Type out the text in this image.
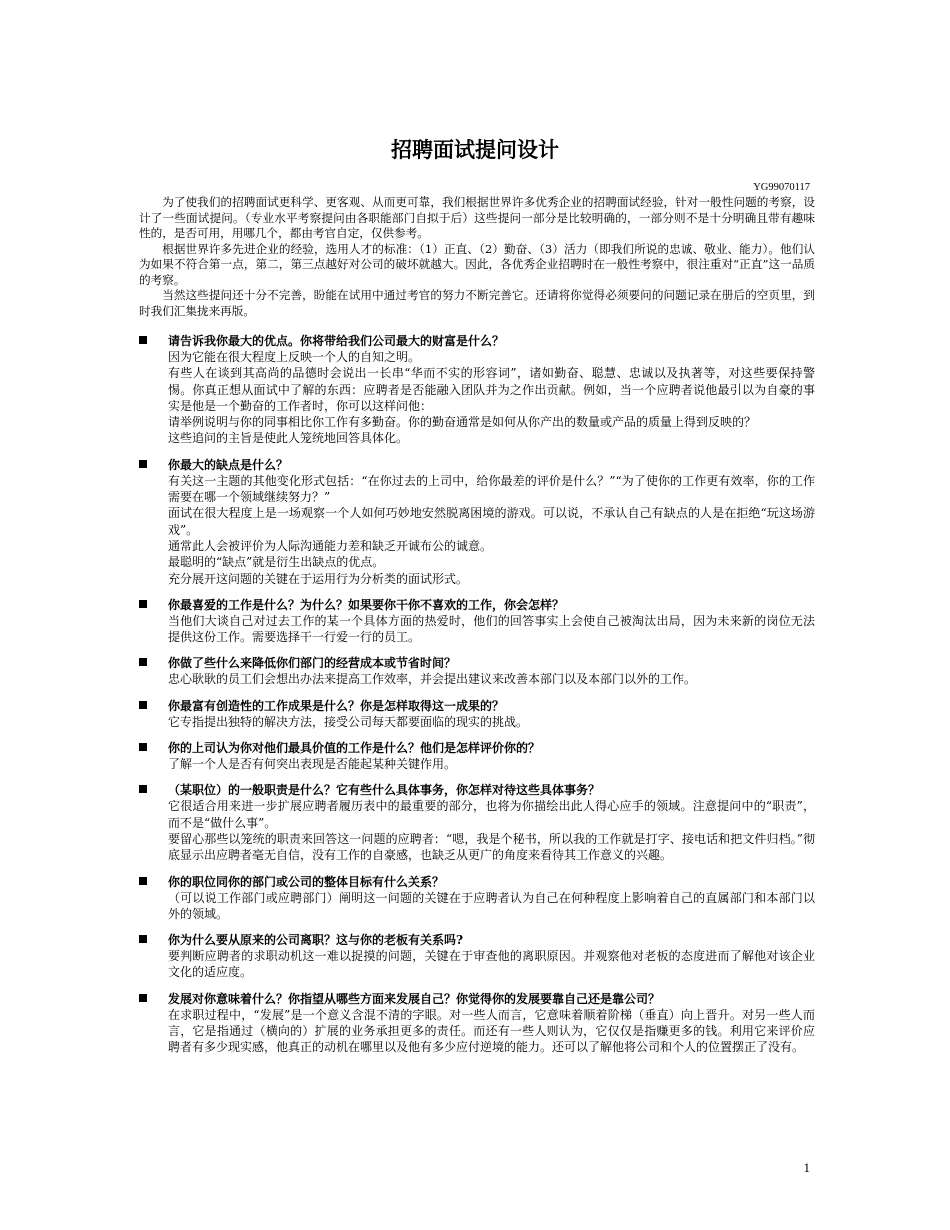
招聘面试提问设计
YG99070117

为了使我们的招聘面试更科学、更客观、从而更可靠，我们根据世界许多优秀企业的招聘面试经验，针对一般性问题的考察，设计了一些面试提问。（专业水平考察提问由各职能部门自拟于后）这些提问一部分是比较明确的，一部分则不是十分明确且带有趣味性的，是否可用，用哪几个，都由考官自定，仅供参考。

根据世界许多先进企业的经验，选用人才的标准：（1）正直、（2）勤奋、（3）活力（即我们所说的忠诚、敬业、能力）。他们认为如果不符合第一点，第二，第三点越好对公司的破坏就越大。因此，各优秀企业招聘时在一般性考察中，很注重对“正直”这一品质的考察。

当然这些提问还十分不完善，盼能在试用中通过考官的努力不断完善它。还请将你觉得必须要问的问题记录在册后的空页里，到时我们汇集拢来再版。

请告诉我你最大的优点。你将带给我们公司最大的财富是什么？
因为它能在很大程度上反映一个人的自知之明。
有些人在谈到其高尚的品德时会说出一长串“华而不实的形容词”，诸如勤奋、聪慧、忠诚以及执著等，对这些要保持警惕。你真正想从面试中了解的东西：应聘者是否能融入团队并为之作出贡献。例如，当一个应聘者说他最引以为自豪的事实是他是一个勤奋的工作者时，你可以这样问他：
请举例说明与你的同事相比你工作有多勤奋。你的勤奋通常是如何从你产出的数量或产品的质量上得到反映的？
这些追问的主旨是使此人笼统地回答具体化。
你最大的缺点是什么？
有关这一主题的其他变化形式包括：“在你过去的上司中，给你最差的评价是什么？”“为了使你的工作更有效率，你的工作需要在哪一个领域继续努力？”
面试在很大程度上是一场观察一个人如何巧妙地安然脱离困境的游戏。可以说，不承认自己有缺点的人是在拒绝“玩这场游戏”。
通常此人会被评价为人际沟通能力差和缺乏开诚布公的诚意。
最聪明的“缺点”就是衍生出缺点的优点。
充分展开这问题的关键在于运用行为分析类的面试形式。
你最喜爱的工作是什么？为什么？如果要你干你不喜欢的工作，你会怎样？
当他们大谈自己对过去工作的某一个具体方面的热爱时，他们的回答事实上会使自己被淘汰出局，因为未来新的岗位无法提供这份工作。需要选择干一行爱一行的员工。
你做了些什么来降低你们部门的经营成本或节省时间？
忠心耿耿的员工们会想出办法来提高工作效率，并会提出建议来改善本部门以及本部门以外的工作。
你最富有创造性的工作成果是什么？你是怎样取得这一成果的？
它专指提出独特的解决方法，接受公司每天都要面临的现实的挑战。
你的上司认为你对他们最具价值的工作是什么？他们是怎样评价你的？
了解一个人是否有何突出表现是否能起某种关键作用。
（某职位）的一般职责是什么？它有些什么具体事务，你怎样对待这些具体事务？
它很适合用来进一步扩展应聘者履历表中的最重要的部分，也将为你描绘出此人得心应手的领域。注意提问中的“职责”，而不是“做什么事”。
要留心那些以笼统的职责来回答这一问题的应聘者：“嗯，我是个秘书，所以我的工作就是打字、接电话和把文件归档。”彻底显示出应聘者毫无自信，没有工作的自豪感，也缺乏从更广的角度来看待其工作意义的兴趣。
你的职位同你的部门或公司的整体目标有什么关系？
（可以说工作部门或应聘部门）阐明这一问题的关键在于应聘者认为自己在何种程度上影响着自己的直属部门和本部门以外的领域。
你为什么要从原来的公司离职？这与你的老板有关系吗?
要判断应聘者的求职动机这一难以捉摸的问题，关键在于审查他的离职原因。并观察他对老板的态度进而了解他对该企业文化的适应度。
发展对你意味着什么？你指望从哪些方面来发展自己？你觉得你的发展要靠自己还是靠公司？
在求职过程中，“发展”是一个意义含混不清的字眼。对一些人而言，它意味着顺着阶梯（垂直）向上晋升。对另一些人而言，它是指通过（横向的）扩展的业务承担更多的责任。而还有一些人则认为，它仅仅是指赚更多的钱。利用它来评价应聘者有多少现实感，他真正的动机在哪里以及他有多少应付逆境的能力。还可以了解他将公司和个人的位置摆正了没有。
1
